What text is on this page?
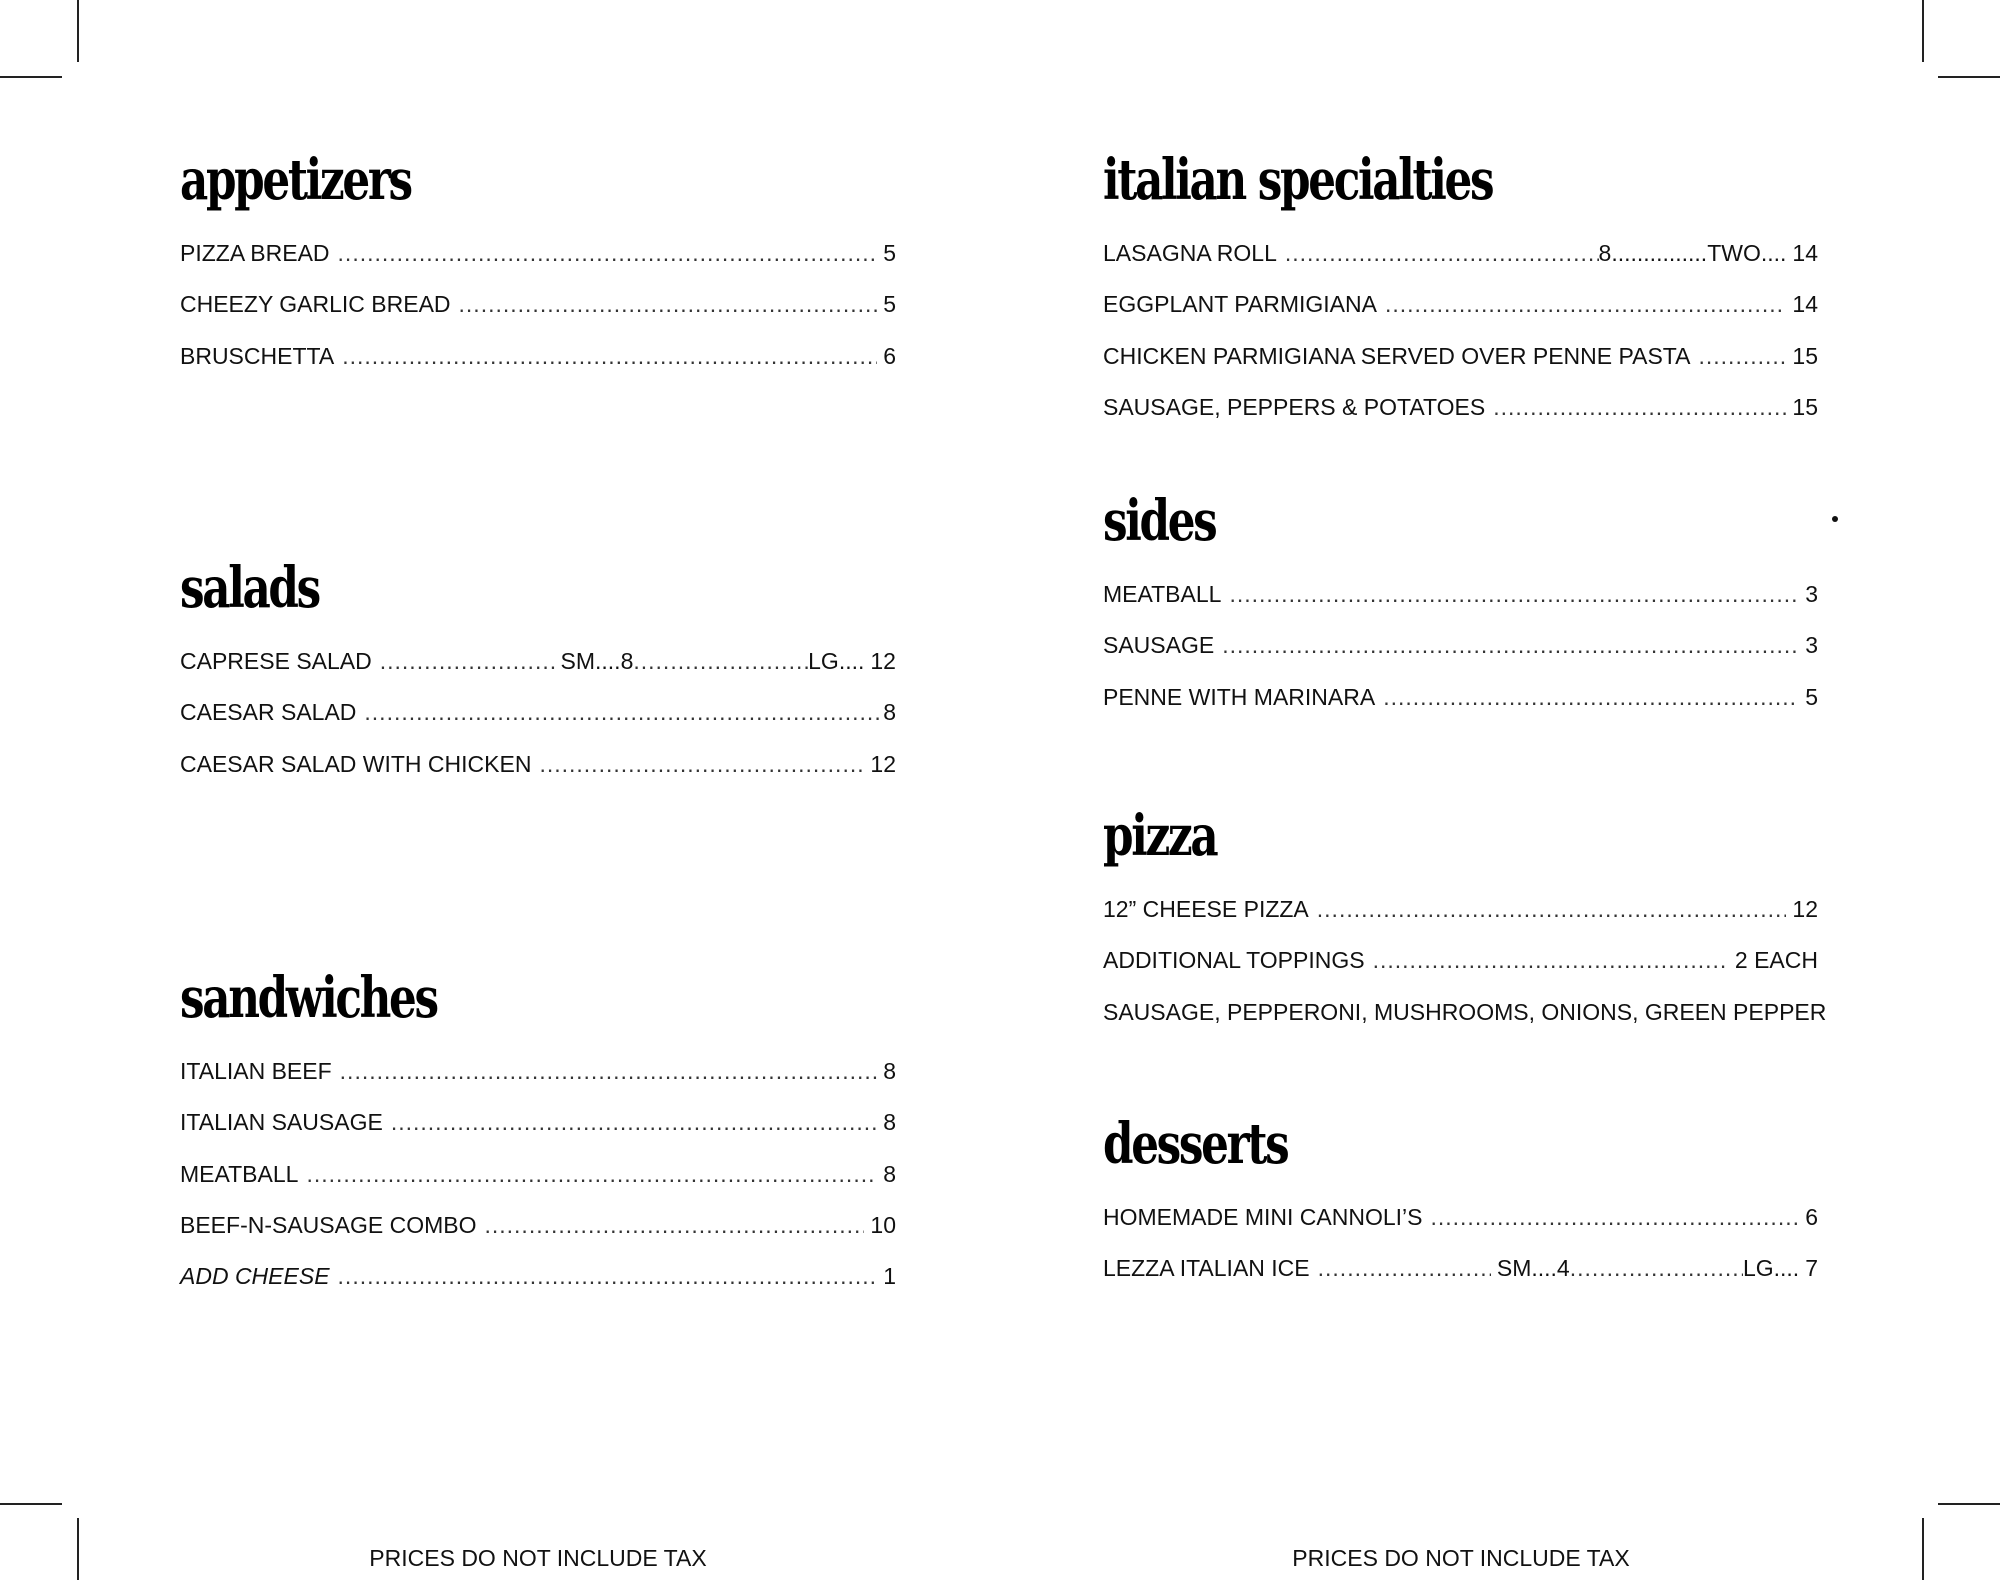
appetizers
PIZZA BREAD .....	5
CHEEZY GARLIC BREAD .....	5
BRUSCHETTA .....	6
salads
CAPRESE SALAD .....	SM....8 .....	LG.... 12
CAESAR SALAD .....	8
CAESAR SALAD WITH CHICKEN .....	12
sandwiches
ITALIAN BEEF .....	8
ITALIAN SAUSAGE .....	8
MEATBALL .....	8
BEEF-N-SAUSAGE COMBO .....	10
ADD CHEESE .....	1
PRICES DO NOT INCLUDE TAX
italian specialties
LASAGNA ROLL .....	8...............TWO.... 14
EGGPLANT PARMIGIANA .....	14
CHICKEN PARMIGIANA SERVED OVER PENNE PASTA .....	15
SAUSAGE, PEPPERS & POTATOES .....	15
sides
MEATBALL .....	3
SAUSAGE .....	3
PENNE WITH MARINARA .....	5
pizza
12” CHEESE PIZZA .....	12
ADDITIONAL TOPPINGS .....	2 EACH
SAUSAGE, PEPPERONI, MUSHROOMS, ONIONS, GREEN PEPPER
desserts
HOMEMADE MINI CANNOLI’S .....	6
LEZZA ITALIAN ICE .....	SM....4 .....	LG.... 7
PRICES DO NOT INCLUDE TAX
